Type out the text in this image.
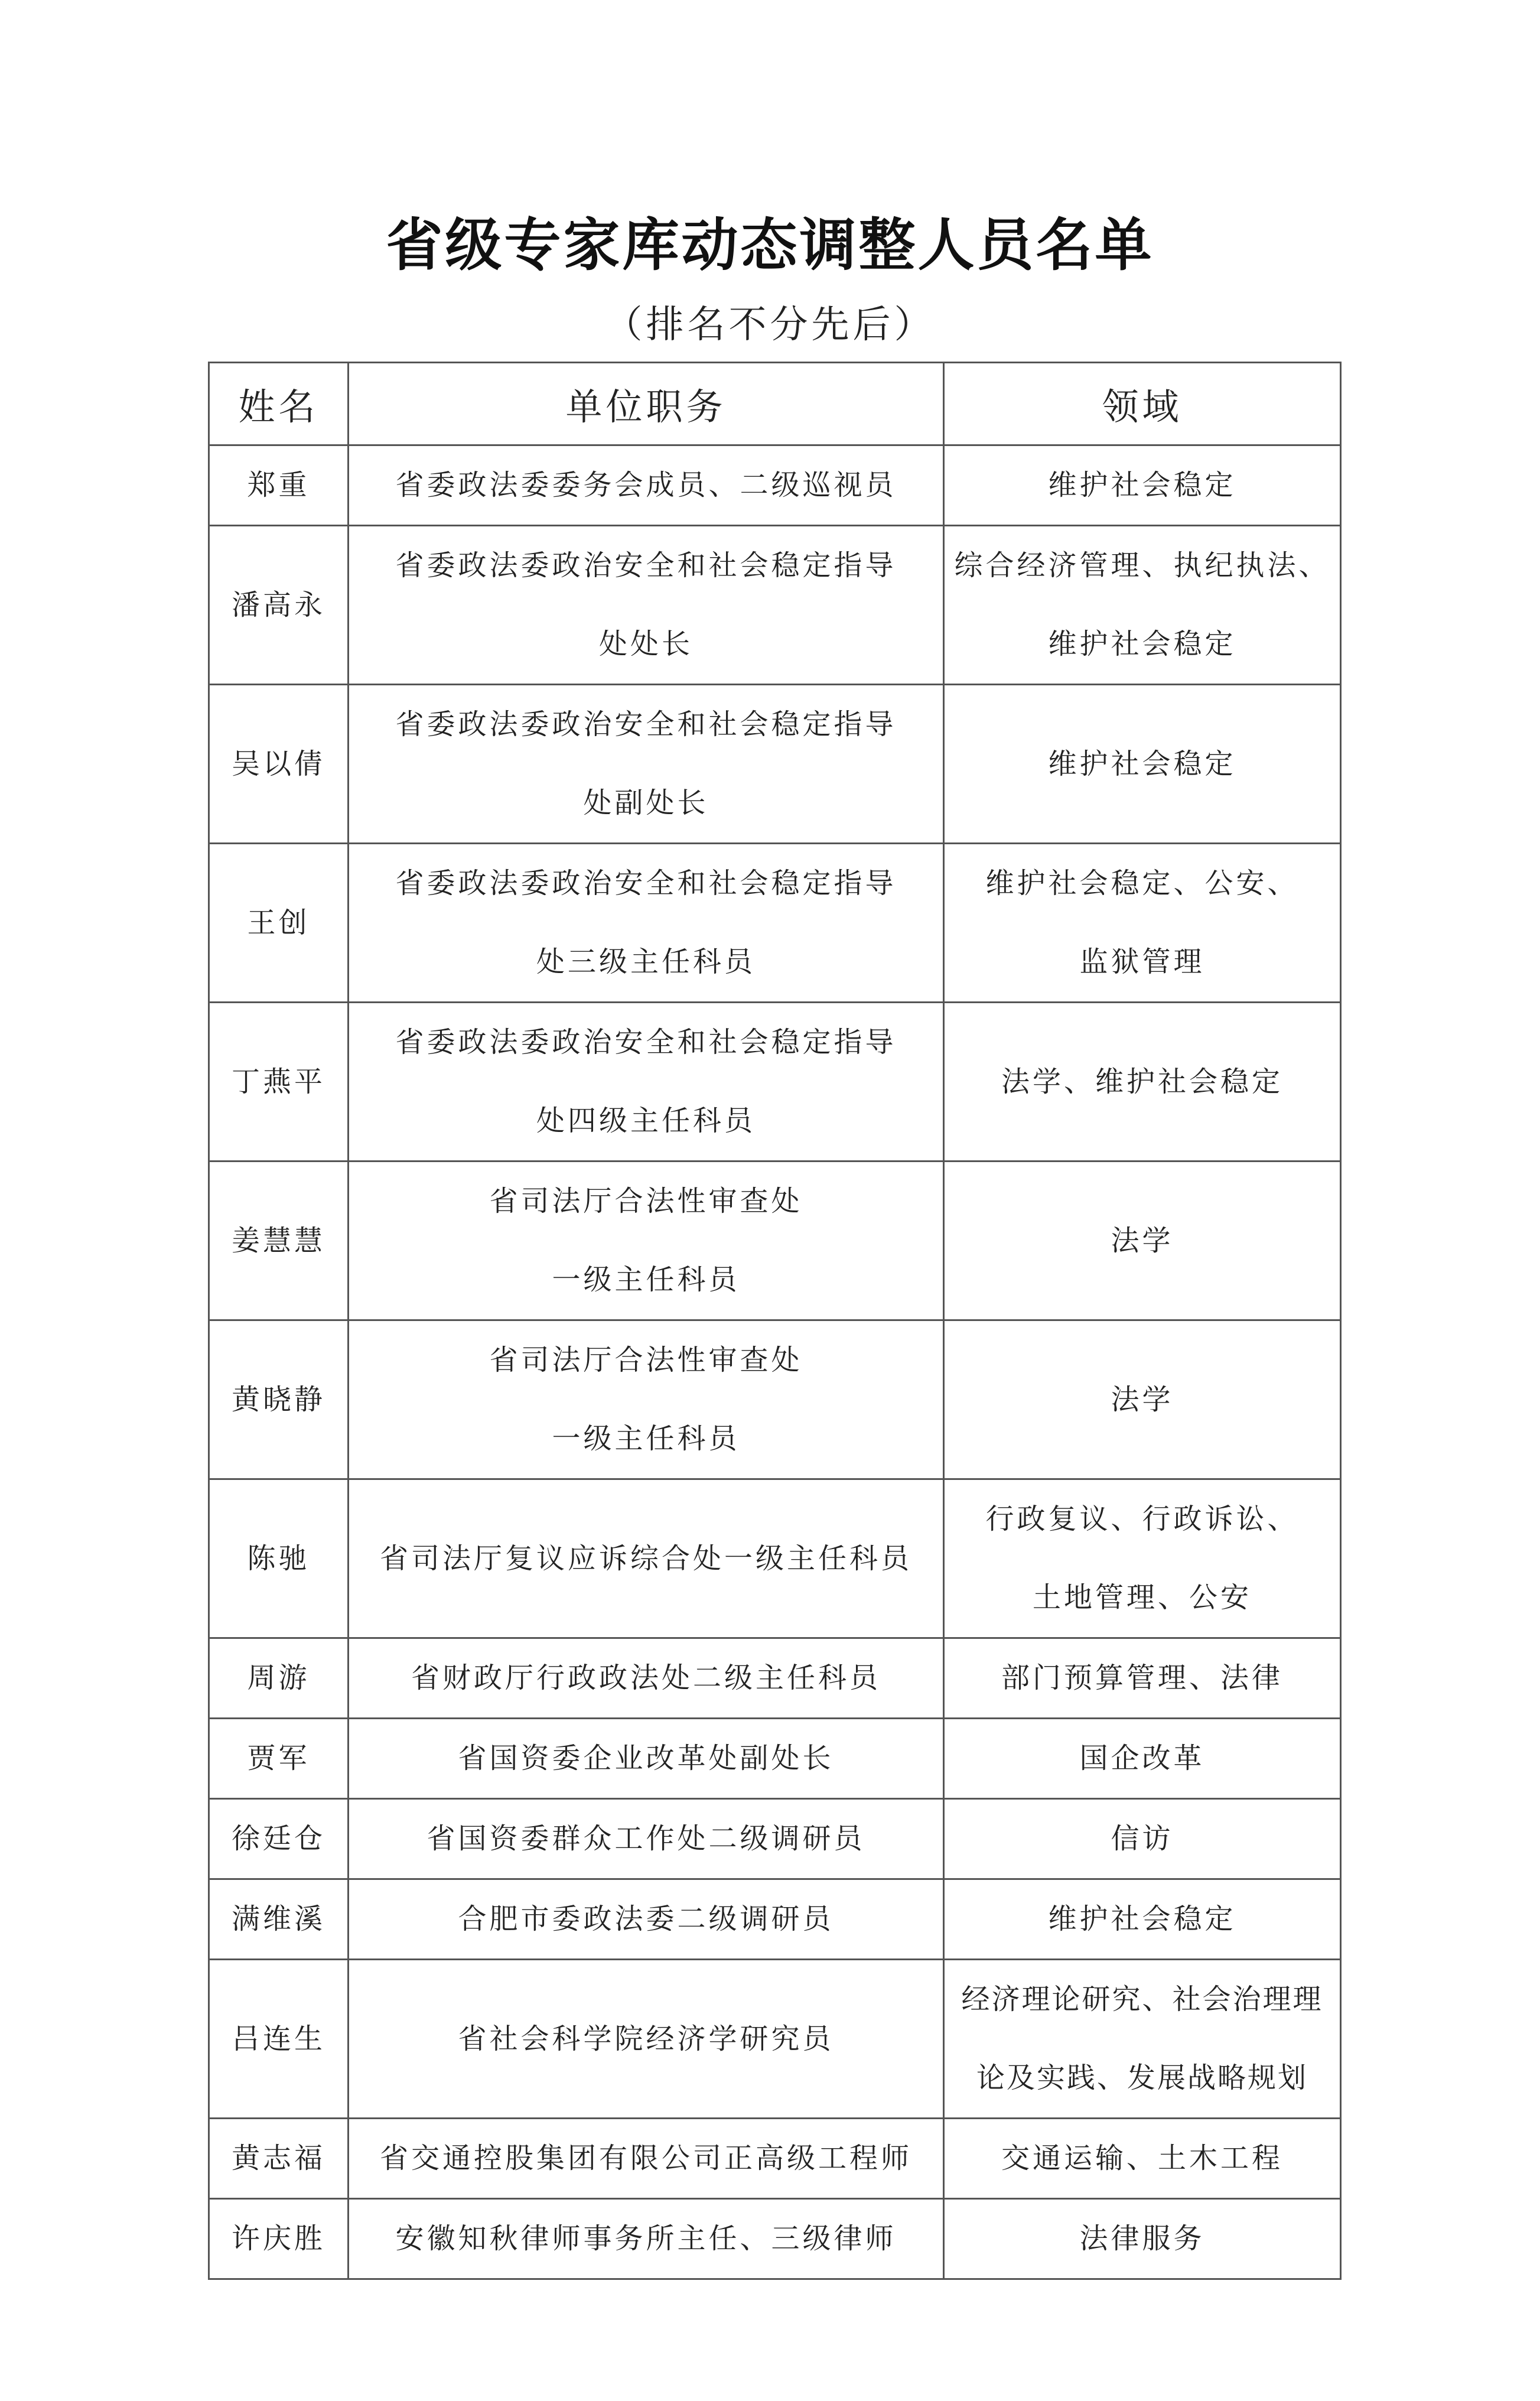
省级专家库动态调整人员名单
（排名不分先后）
姓名	单位职务	领域
郑重	省委政法委委务会成员、二级巡视员	维护社会稳定
潘高永	省委政法委政治安全和社会稳定指导处处长	综合经济管理、执纪执法、维护社会稳定
吴以倩	省委政法委政治安全和社会稳定指导处副处长	维护社会稳定
王创	省委政法委政治安全和社会稳定指导处三级主任科员	维护社会稳定、公安、监狱管理
丁燕平	省委政法委政治安全和社会稳定指导处四级主任科员	法学、维护社会稳定
姜慧慧	省司法厅合法性审查处一级主任科员	法学
黄晓静	省司法厅合法性审查处一级主任科员	法学
陈驰	省司法厅复议应诉综合处一级主任科员	行政复议、行政诉讼、土地管理、公安
周游	省财政厅行政政法处二级主任科员	部门预算管理、法律
贾军	省国资委企业改革处副处长	国企改革
徐廷仓	省国资委群众工作处二级调研员	信访
满维溪	合肥市委政法委二级调研员	维护社会稳定
吕连生	省社会科学院经济学研究员	经济理论研究、社会治理理论及实践、发展战略规划
黄志福	省交通控股集团有限公司正高级工程师	交通运输、土木工程
许庆胜	安徽知秋律师事务所主任、三级律师	法律服务
